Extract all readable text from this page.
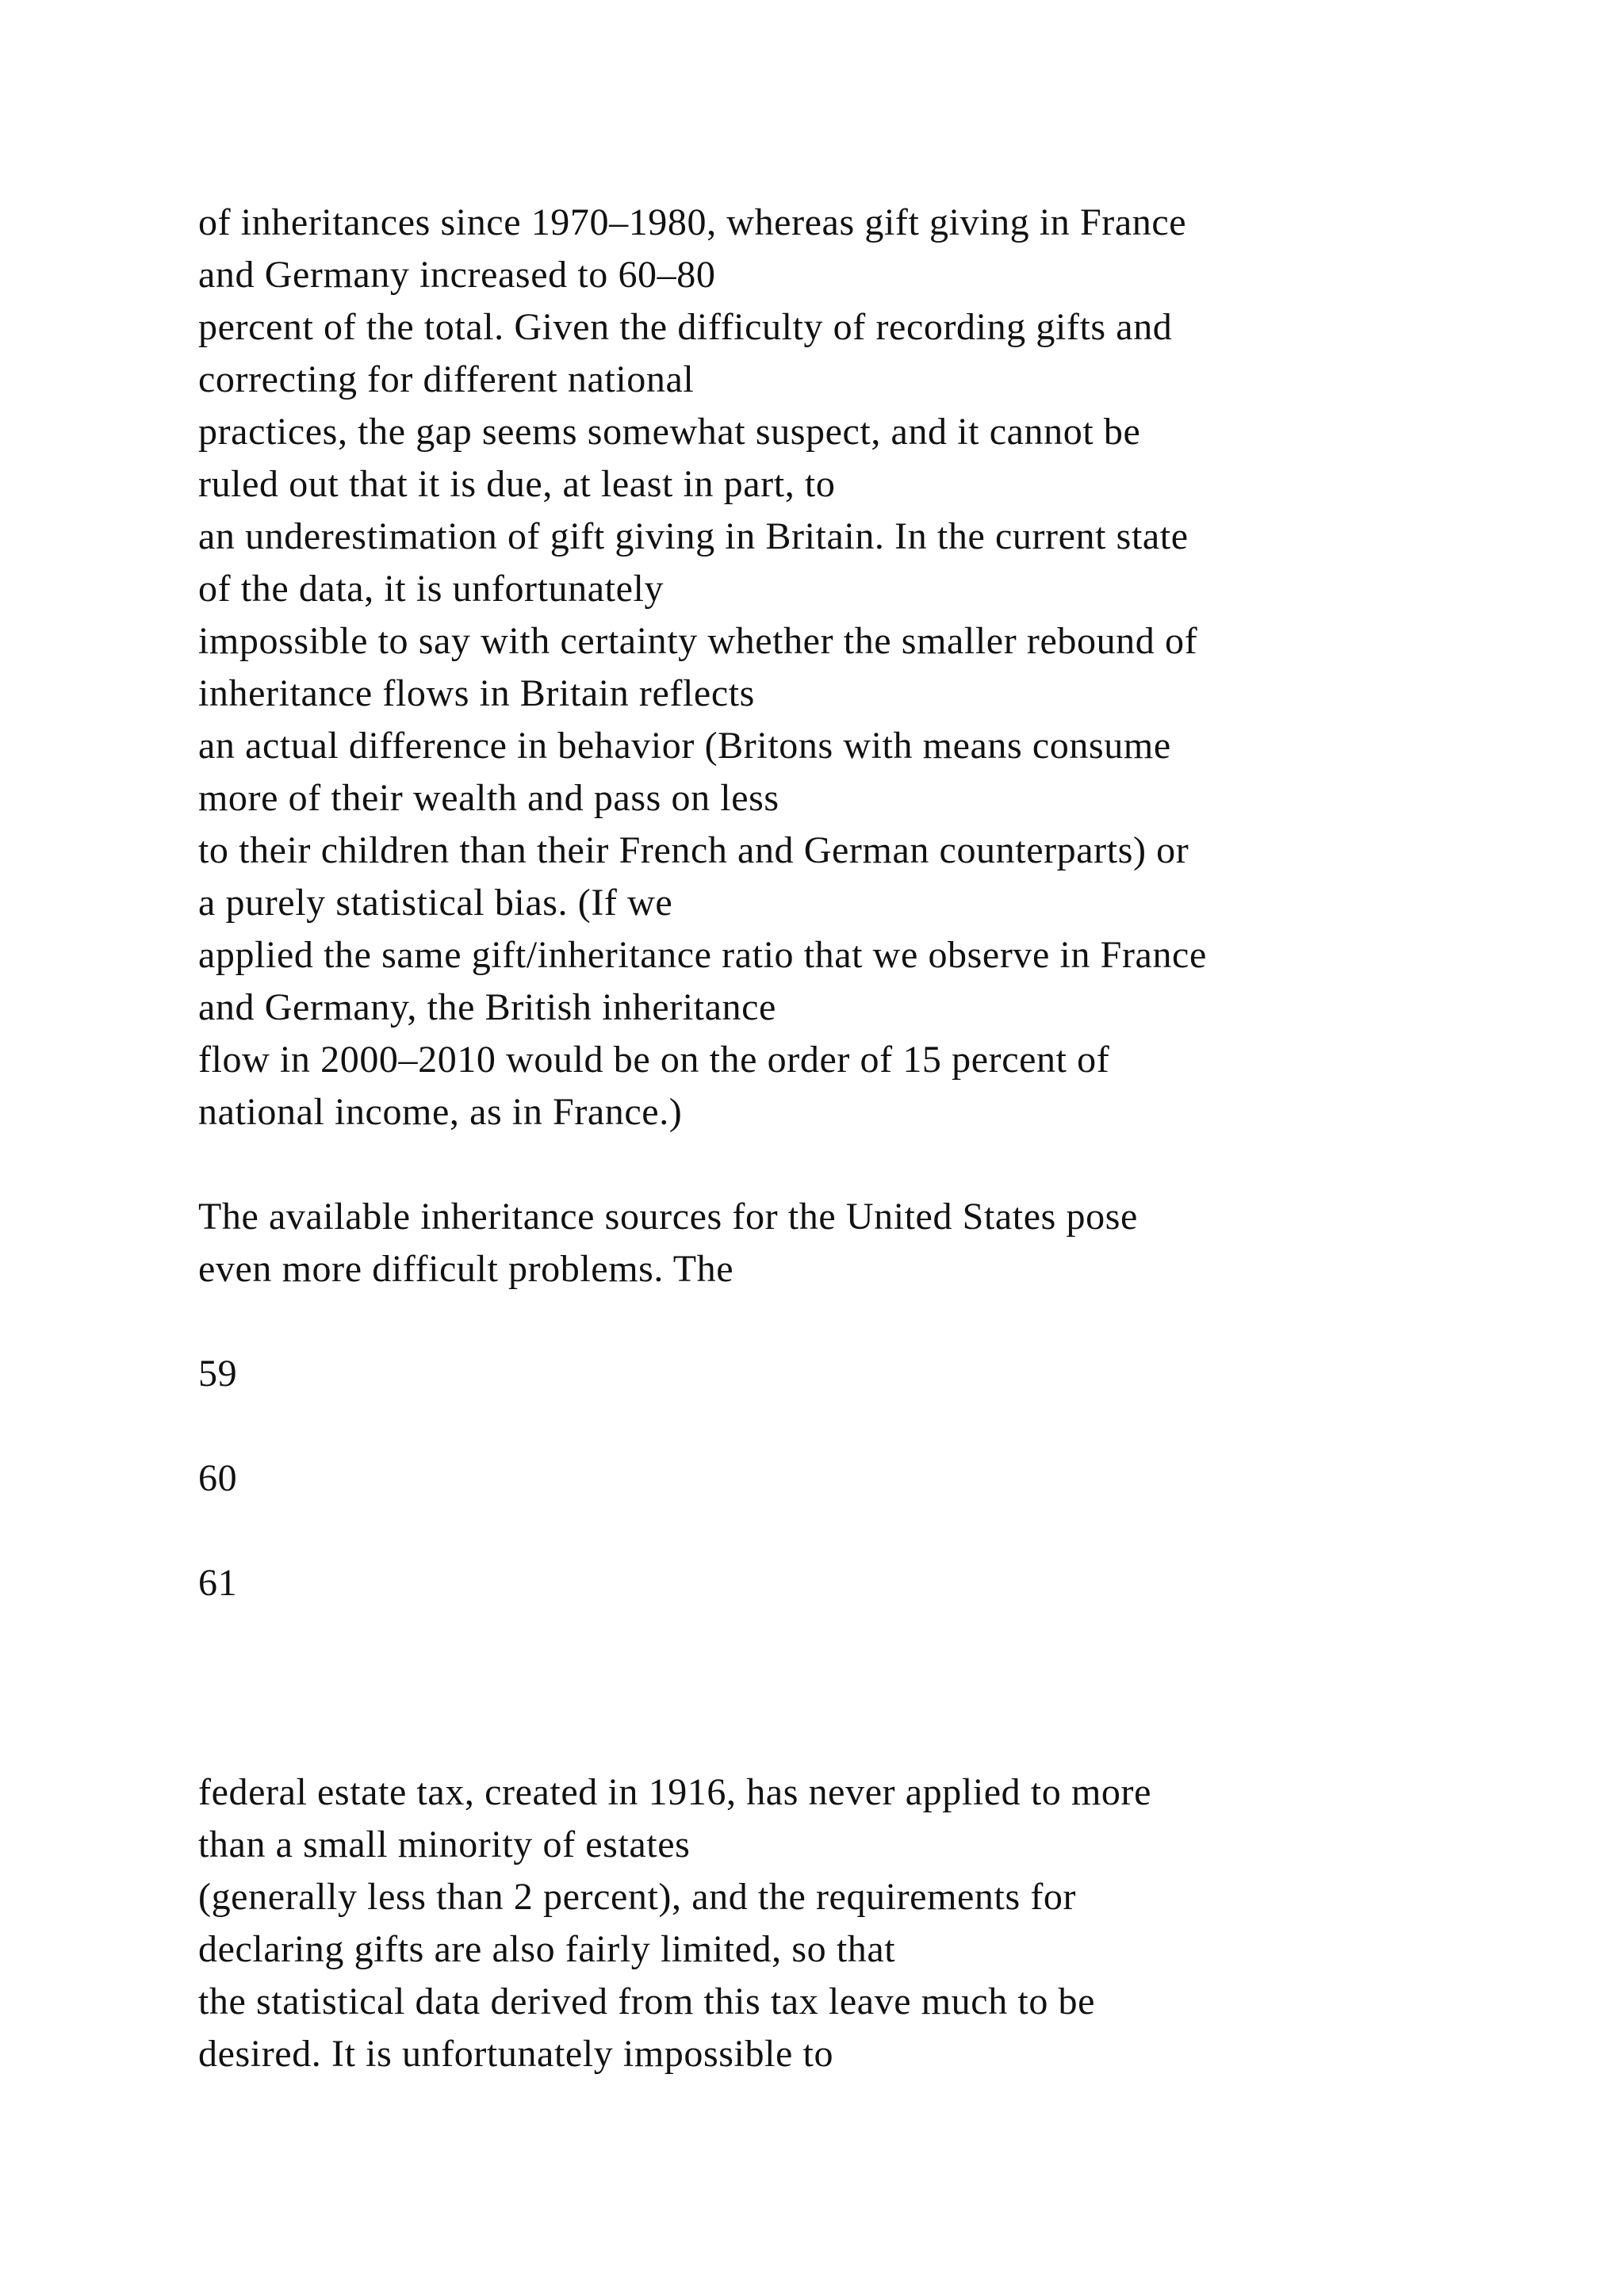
of inheritances since 1970–1980, whereas gift giving in France
and Germany increased to 60–80
percent of the total. Given the difficulty of recording gifts and
correcting for different national
practices, the gap seems somewhat suspect, and it cannot be
ruled out that it is due, at least in part, to
an underestimation of gift giving in Britain. In the current state
of the data, it is unfortunately
impossible to say with certainty whether the smaller rebound of
inheritance flows in Britain reflects
an actual difference in behavior (Britons with means consume
more of their wealth and pass on less
to their children than their French and German counterparts) or
a purely statistical bias. (If we
applied the same gift/inheritance ratio that we observe in France
and Germany, the British inheritance
flow in 2000–2010 would be on the order of 15 percent of
national income, as in France.)
The available inheritance sources for the United States pose
even more difficult problems. The
59
60
61
federal estate tax, created in 1916, has never applied to more
than a small minority of estates
(generally less than 2 percent), and the requirements for
declaring gifts are also fairly limited, so that
the statistical data derived from this tax leave much to be
desired. It is unfortunately impossible to
